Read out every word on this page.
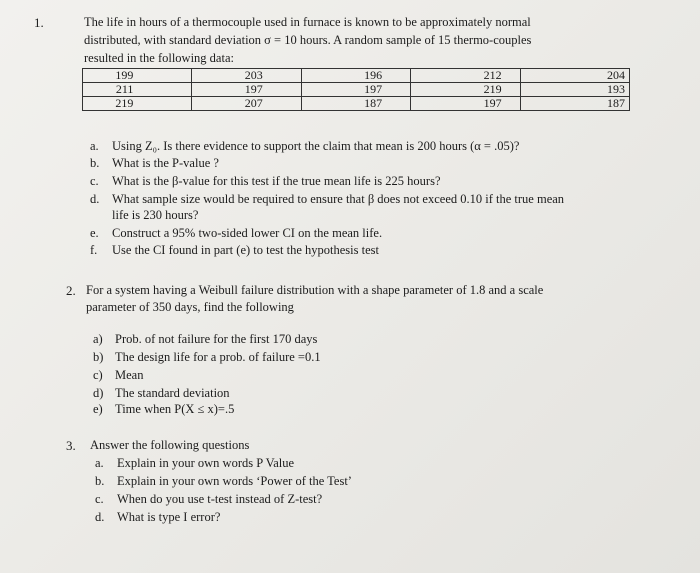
1.	The life in hours of a thermocouple used in furnace is known to be approximately normal
distributed, with standard deviation σ = 10 hours. A random sample of 15 thermo-couples
resulted in the following data:
199	203	196	212	204
211	197	197	219	193
219	207	187	197	187
a. Using Z₀. Is there evidence to support the claim that mean is 200 hours (α = .05)?
b. What is the P-value ?
c. What is the β-value for this test if the true mean life is 225 hours?
d. What sample size would be required to ensure that β does not exceed 0.10 if the true mean
life is 230 hours?
e. Construct a 95% two-sided lower CI on the mean life.
f. Use the CI found in part (e) to test the hypothesis test
2. For a system having a Weibull failure distribution with a shape parameter of 1.8 and a scale
parameter of 350 days, find the following
a) Prob. of not failure for the first 170 days
b) The design life for a prob. of failure =0.1
c) Mean
d) The standard deviation
e) Time when P(X ≤ x)=.5
3. Answer the following questions
a. Explain in your own words P Value
b. Explain in your own words ‘Power of the Test’
c. When do you use t-test instead of Z-test?
d. What is type I error?
